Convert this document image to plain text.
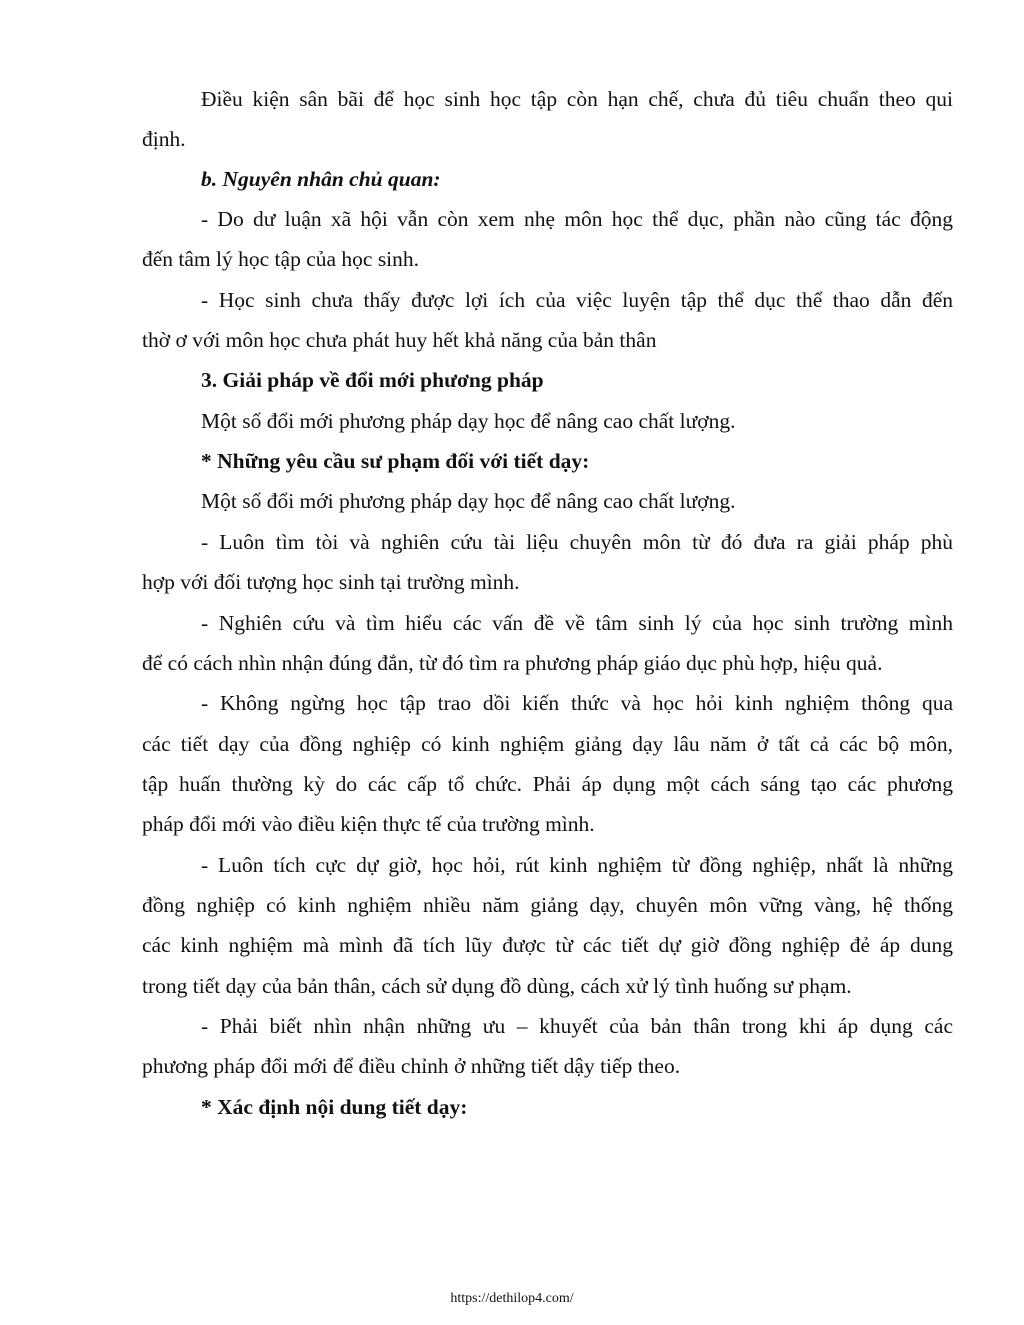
Điều kiện sân bãi để học sinh học tập còn hạn chế, chưa đủ tiêu chuẩn theo qui
định.
b. Nguyên nhân chủ quan:
- Do dư luận xã hội vẫn còn xem nhẹ môn học thể dục, phần nào cũng tác động
đến tâm lý học tập của học sinh.
- Học sinh chưa thấy được lợi ích của việc luyện tập thể dục thể thao dẫn đến
thờ ơ với môn học chưa phát huy hết khả năng của bản thân
3. Giải pháp về đổi mới phương pháp
Một số đổi mới phương pháp dạy học để nâng cao chất lượng.
* Những yêu cầu sư phạm đối với tiết dạy:
Một số đổi mới phương pháp dạy học để nâng cao chất lượng.
- Luôn tìm tòi và nghiên cứu tài liệu chuyên môn từ đó đưa ra giải pháp phù
hợp với đối tượng học sinh tại trường mình.
- Nghiên cứu và tìm hiểu các vấn đề về tâm sinh lý của học sinh trường mình
để có cách nhìn nhận đúng đắn, từ đó tìm ra phương pháp giáo dục phù hợp, hiệu quả.
- Không ngừng học tập trao dồi kiến thức và học hỏi kinh nghiệm thông qua
các tiết dạy của đồng nghiệp có kinh nghiệm giảng dạy lâu năm ở tất cả các bộ môn,
tập huấn thường kỳ do các cấp tổ chức. Phải áp dụng một cách sáng tạo các phương
pháp đổi mới vào điều kiện thực tế của trường mình.
- Luôn tích cực dự giờ, học hỏi, rút kinh nghiệm từ đồng nghiệp, nhất là những
đồng nghiệp có kinh nghiệm nhiều năm giảng dạy, chuyên môn vững vàng, hệ thống
các kinh nghiệm mà mình đã tích lũy được từ các tiết dự giờ đồng nghiệp đẻ áp dung
trong tiết dạy của bản thân, cách sử dụng đồ dùng, cách xử lý tình huống sư phạm.
- Phải biết nhìn nhận những ưu – khuyết của bản thân trong khi áp dụng các
phương pháp đổi mới để điều chỉnh ở những tiết dậy tiếp theo.
* Xác định nội dung tiết dạy:
https://dethilop4.com/
